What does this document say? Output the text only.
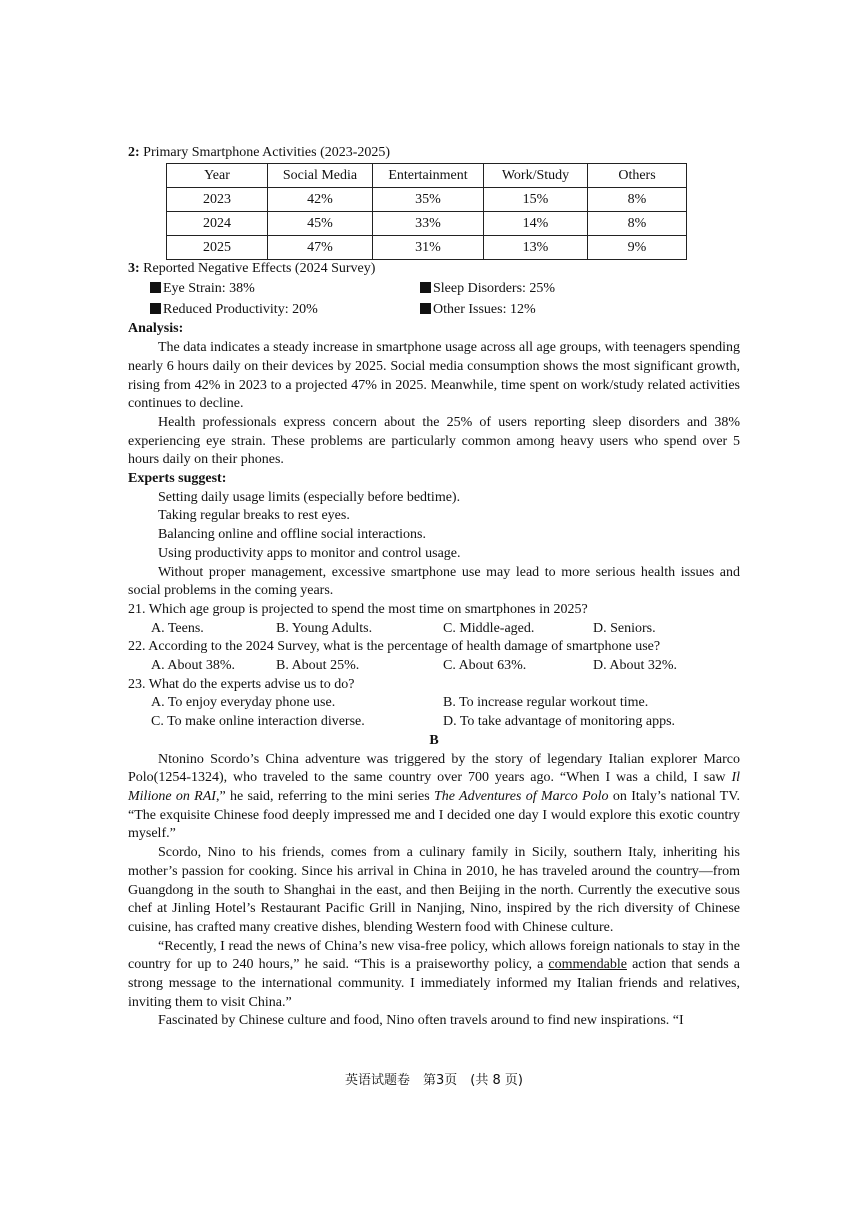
2: Primary Smartphone Activities (2023-2025)
Year	Social Media	Entertainment	Work/Study	Others
2023	42%	35%	15%	8%
2024	45%	33%	14%	8%
2025	47%	31%	13%	9%
3: Reported Negative Effects (2024 Survey)
Eye Strain: 38%	Sleep Disorders: 25%
Reduced Productivity: 20%	Other Issues: 12%
Analysis:

The data indicates a steady increase in smartphone usage across all age groups, with teenagers spending nearly 6 hours daily on their devices by 2025. Social media consumption shows the most significant growth, rising from 42% in 2023 to a projected 47% in 2025. Meanwhile, time spent on work/study related activities continues to decline.

Health professionals express concern about the 25% of users reporting sleep disorders and 38% experiencing eye strain. These problems are particularly common among heavy users who spend over 5 hours daily on their phones.

Experts suggest:

Setting daily usage limits (especially before bedtime).

Taking regular breaks to rest eyes.

Balancing online and offline social interactions.

Using productivity apps to monitor and control usage.

Without proper management, excessive smartphone use may lead to more serious health issues and social problems in the coming years.

21. Which age group is projected to spend the most time on smartphones in 2025?
A. Teens.	B. Young Adults.	C. Middle-aged.	D. Seniors.
22. According to the 2024 Survey, what is the percentage of health damage of smartphone use?
A. About 38%.	B. About 25%.	C. About 63%.	D. About 32%.
23. What do the experts advise us to do?
A. To enjoy everyday phone use.	B. To increase regular workout time.
C. To make online interaction diverse.	D. To take advantage of monitoring apps.
B

Ntonino Scordo’s China adventure was triggered by the story of legendary Italian explorer Marco Polo(1254-1324), who traveled to the same country over 700 years ago. “When I was a child, I saw Il Milione on RAI,” he said, referring to the mini series The Adventures of Marco Polo on Italy’s national TV. “The exquisite Chinese food deeply impressed me and I decided one day I would explore this exotic country myself.”

Scordo, Nino to his friends, comes from a culinary family in Sicily, southern Italy, inheriting his mother’s passion for cooking. Since his arrival in China in 2010, he has traveled around the country—from Guangdong in the south to Shanghai in the east, and then Beijing in the north. Currently the executive sous chef at Jinling Hotel’s Restaurant Pacific Grill in Nanjing, Nino, inspired by the rich diversity of Chinese cuisine, has crafted many creative dishes, blending Western food with Chinese culture.

“Recently, I read the news of China’s new visa-free policy, which allows foreign nationals to stay in the country for up to 240 hours,” he said. “This is a praiseworthy policy, a commendable action that sends a strong message to the international community. I immediately informed my Italian friends and relatives, inviting them to visit China.”

Fascinated by Chinese culture and food, Nino often travels around to find new inspirations. “I

英语试题卷　第3页　(共 8 页)
